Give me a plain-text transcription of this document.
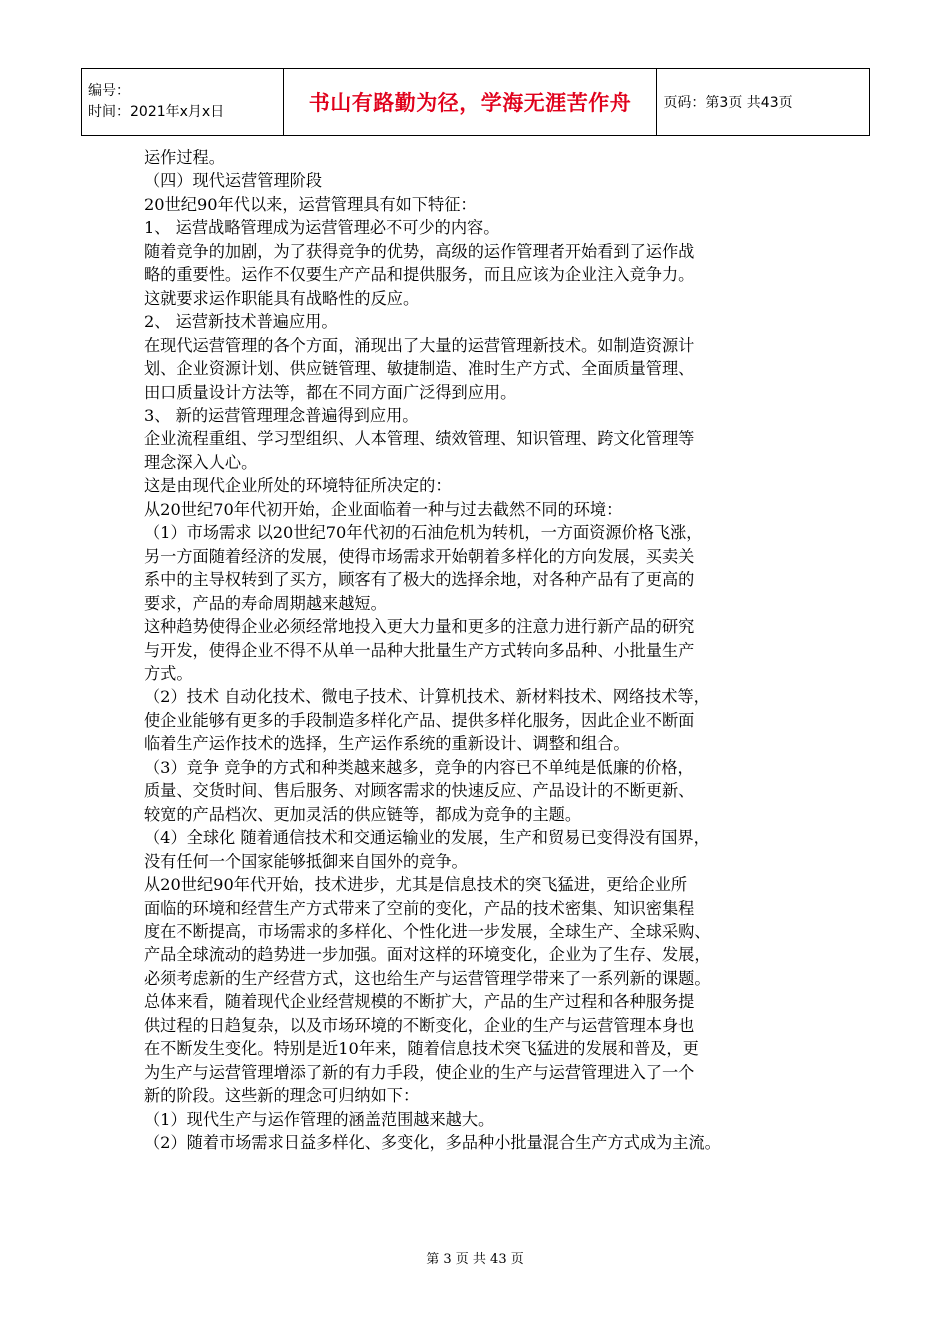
编号：
时间：2021年x月x日	书山有路勤为径，学海无涯苦作舟	页码：第3页 共43页

运作过程。

（四）现代运营管理阶段

20世纪90年代以来，运营管理具有如下特征：

1、 运营战略管理成为运营管理必不可少的内容。

随着竞争的加剧，为了获得竞争的优势，高级的运作管理者开始看到了运作战

略的重要性。运作不仅要生产产品和提供服务，而且应该为企业注入竞争力。

这就要求运作职能具有战略性的反应。

2、 运营新技术普遍应用。

在现代运营管理的各个方面，涌现出了大量的运营管理新技术。如制造资源计

划、企业资源计划、供应链管理、敏捷制造、准时生产方式、全面质量管理、

田口质量设计方法等，都在不同方面广泛得到应用。

3、 新的运营管理理念普遍得到应用。

企业流程重组、学习型组织、人本管理、绩效管理、知识管理、跨文化管理等

理念深入人心。

这是由现代企业所处的环境特征所决定的：

从20世纪70年代初开始，企业面临着一种与过去截然不同的环境：

（1）市场需求 以20世纪70年代初的石油危机为转机，一方面资源价格飞涨，

另一方面随着经济的发展，使得市场需求开始朝着多样化的方向发展，买卖关

系中的主导权转到了买方，顾客有了极大的选择余地，对各种产品有了更高的

要求，产品的寿命周期越来越短。

这种趋势使得企业必须经常地投入更大力量和更多的注意力进行新产品的研究

与开发，使得企业不得不从单一品种大批量生产方式转向多品种、小批量生产

方式。

（2）技术 自动化技术、微电子技术、计算机技术、新材料技术、网络技术等，

使企业能够有更多的手段制造多样化产品、提供多样化服务，因此企业不断面

临着生产运作技术的选择，生产运作系统的重新设计、调整和组合。

（3）竞争 竞争的方式和种类越来越多，竞争的内容已不单纯是低廉的价格，

质量、交货时间、售后服务、对顾客需求的快速反应、产品设计的不断更新、

较宽的产品档次、更加灵活的供应链等，都成为竞争的主题。

（4）全球化 随着通信技术和交通运输业的发展，生产和贸易已变得没有国界，

没有任何一个国家能够抵御来自国外的竞争。

从20世纪90年代开始，技术进步，尤其是信息技术的突飞猛进，更给企业所

面临的环境和经营生产方式带来了空前的变化，产品的技术密集、知识密集程

度在不断提高，市场需求的多样化、个性化进一步发展，全球生产、全球采购、

产品全球流动的趋势进一步加强。面对这样的环境变化，企业为了生存、发展，

必须考虑新的生产经营方式，这也给生产与运营管理学带来了一系列新的课题。

总体来看，随着现代企业经营规模的不断扩大，产品的生产过程和各种服务提

供过程的日趋复杂，以及市场环境的不断变化，企业的生产与运营管理本身也

在不断发生变化。特别是近10年来，随着信息技术突飞猛进的发展和普及，更

为生产与运营管理增添了新的有力手段，使企业的生产与运营管理进入了一个

新的阶段。这些新的理念可归纳如下：

（1）现代生产与运作管理的涵盖范围越来越大。

（2）随着市场需求日益多样化、多变化，多品种小批量混合生产方式成为主流。

第 3 页 共 43 页
